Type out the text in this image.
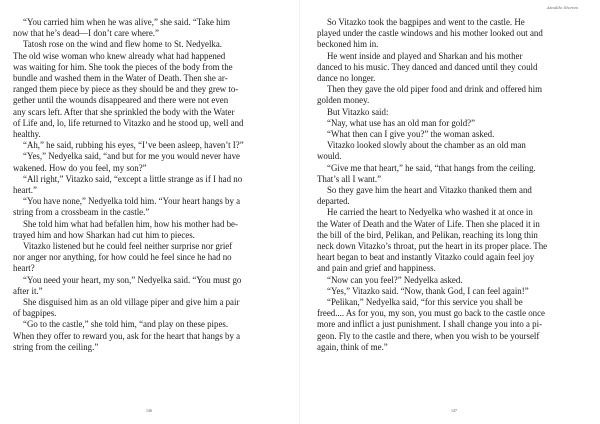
“You carried him when he was alive,” she said. “Take him
now that he’s dead—I don’t care where.”
Tatosh rose on the wind and flew home to St. Nedyelka.
The old wise woman who knew already what had happened
was waiting for him. She took the pieces of the body from the
bundle and washed them in the Water of Death. Then she ar-
ranged them piece by piece as they should be and they grew to-
gether until the wounds disappeared and there were not even
any scars left. After that she sprinkled the body with the Water
of Life and, lo, life returned to Vitazko and he stood up, well and
healthy.
“Ah,” he said, rubbing his eyes, “I’ve been asleep, haven’t I?”
“Yes,” Nedyelka said, “and but for me you would never have
wakened. How do you feel, my son?”
“All right,” Vitazko said, “except a little strange as if I had no
heart.”
“You have none,” Nedyelka told him. “Your heart hangs by a
string from a crossbeam in the castle.”
She told him what had befallen him, how his mother had be-
trayed him and how Sharkan had cut him to pieces.
Vitazko listened but he could feel neither surprise nor grief
nor anger nor anything, for how could he feel since he had no
heart?
“You need your heart, my son,” Nedyelka said. “You must go
after it.”
She disguised him as an old village piper and give him a pair
of bagpipes.
“Go to the castle,” she told him, “and play on these pipes.
When they offer to reward you, ask for the heart that hangs by a
string from the ceiling.”
146
Ainaldo Stories
So Vitazko took the bagpipes and went to the castle. He
played under the castle windows and his mother looked out and
beckoned him in.
He went inside and played and Sharkan and his mother
danced to his music. They danced and danced until they could
dance no longer.
Then they gave the old piper food and drink and offered him
golden money.
But Vitazko said:
“Nay, what use has an old man for gold?”
“What then can I give you?” the woman asked.
Vitazko looked slowly about the chamber as an old man
would.
“Give me that heart,” he said, “that hangs from the ceiling.
That’s all I want.”
So they gave him the heart and Vitazko thanked them and
departed.
He carried the heart to Nedyelka who washed it at once in
the Water of Death and the Water of Life. Then she placed it in
the bill of the bird, Pelikan, and Pelikan, reaching its long thin
neck down Vitazko’s throat, put the heart in its proper place. The
heart began to beat and instantly Vitazko could again feel joy
and pain and grief and happiness.
“Now can you feel?” Nedyelka asked.
“Yes,” Vitazko said. “Now, thank God, I can feel again!”
“Pelikan,” Nedyelka said, “for this service you shall be
freed.... As for you, my son, you must go back to the castle once
more and inflict a just punishment. I shall change you into a pi-
geon. Fly to the castle and there, when you wish to be yourself
again, think of me.”
147
